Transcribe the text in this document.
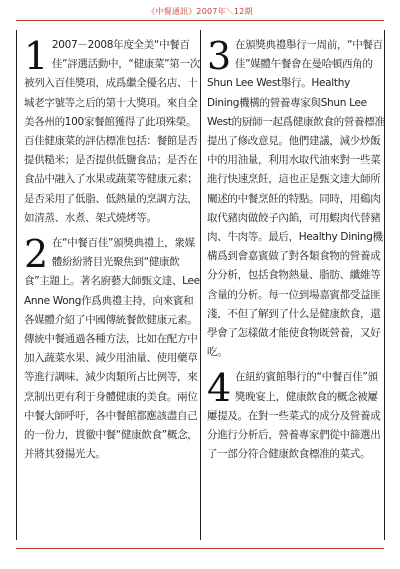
《中餐通訊》2007年＼12期
1 2007－2008年度全美“中餐百佳”評選活動中，“健康菜”第一次被列入百佳獎項，成爲繼全優名店、十城老字號等之后的第十大獎項。來自全美各州的100家餐館獲得了此項殊榮。百佳健康菜的評估標准包括：餐館是否提供糙米；是否提供低鹽食品；是否在食品中融入了水果或蔬菜等健康元素；是否采用了低脂、低熱量的烹調方法，如清蒸、水煮、架式燒烤等。
2 在“中餐百佳”頒獎典禮上，衆媒體紛紛將目光聚焦到“健康飲食”主題上。著名廚藝大師甄文達、Lee Anne Wong作爲典禮主持，向來賓和各媒體介紹了中國傳統餐飲健康元素。傳統中餐通過各種方法，比如在配方中加入蔬菜水果、減少用油量、使用藥草等進行調味、減少肉類所占比例等，來烹制出更有利于身體健康的美食。兩位中餐大師呼吁，各中餐館都應該盡自己的一份力，貫徹中餐“健康飲食”概念，并將其發揚光大。
3 在頒獎典禮舉行一周前，“中餐百佳”媒體午餐會在曼哈頓西角的Shun Lee West舉行。Healthy Dining機構的營養專家與Shun Lee West的厨師一起爲健康飲食的營養標准提出了修改意見。他們建議，減少炒飯中的用油量，利用水取代油來對一些菜進行快速烹飪，這也正是甄文達大師所闡述的中餐烹飪的特點。同時，用鷄肉取代豬肉做餃子內餡，可用蝦肉代替豬肉、牛肉等。最后，Healthy Dining機構爲到會嘉賓做了對各類食物的營養成分分析，包括食物熱量、脂肪、纖維等含量的分析。每一位到場嘉賓都受益匪淺，不但了解到了什么是健康飲食，還學會了怎樣做才能使食物既營養，又好吃。
4 在紐約賓館舉行的“中餐百佳”頒獎晚宴上，健康飲食的概念被屢屢提及。在對一些菜式的成分及營養成分進行分析后，營養專家們從中篩選出了一部分符合健康飲食標准的菜式。
